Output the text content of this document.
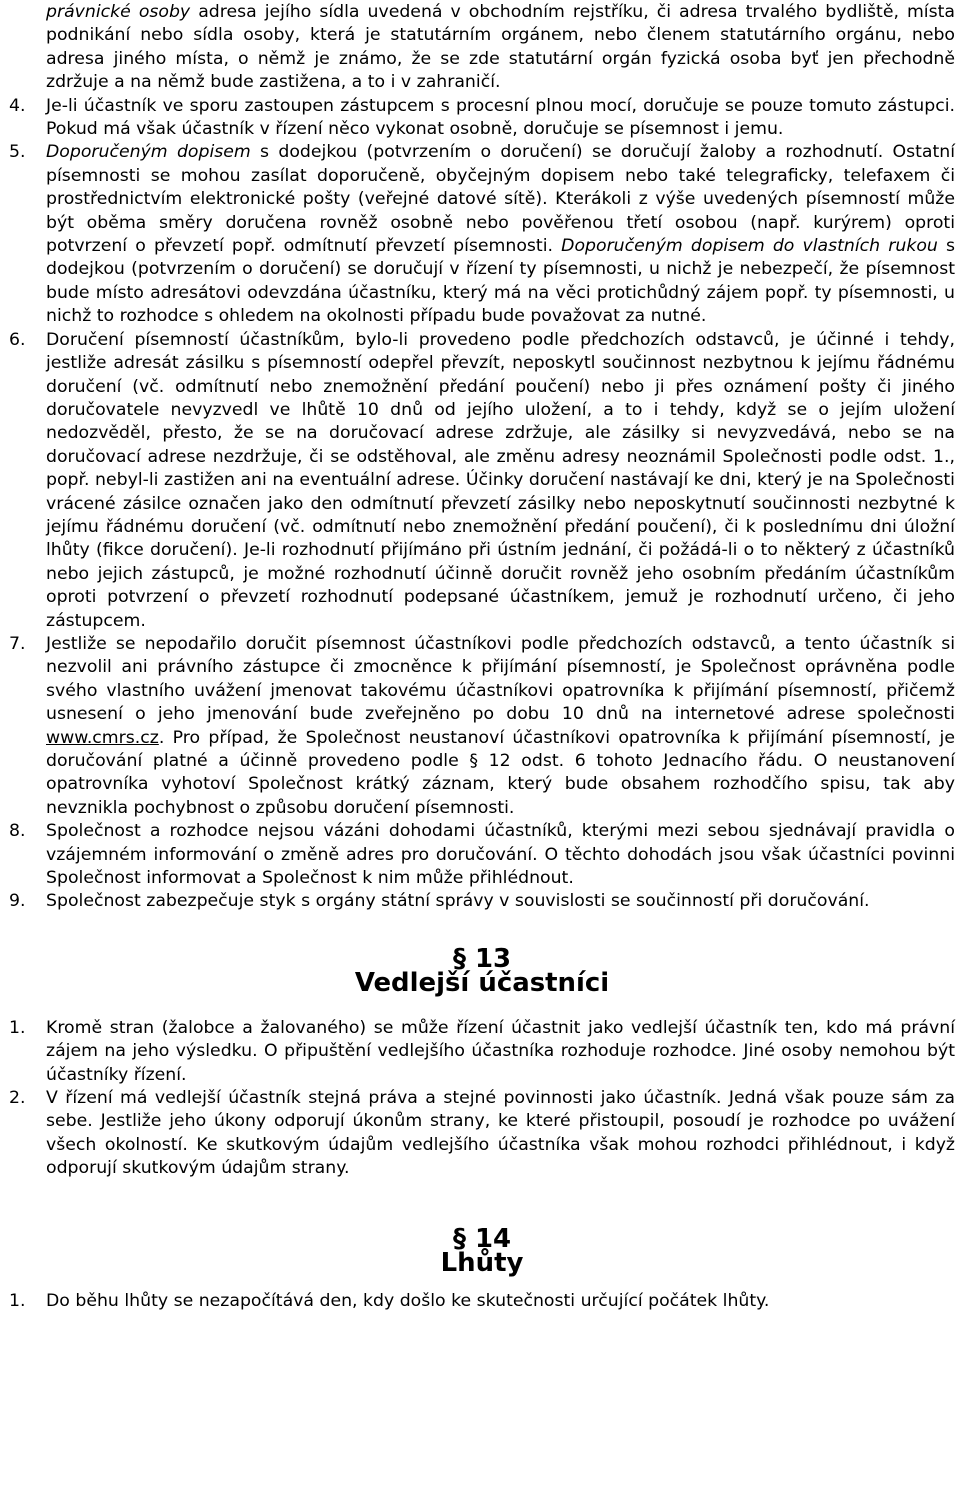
právnické osoby adresa jejího sídla uvedená v obchodním rejstříku, či adresa trvalého bydliště, místa podnikání nebo sídla osoby, která je statutárním orgánem, nebo členem statutárního orgánu, nebo adresa jiného místa, o němž je známo, že se zde statutární orgán fyzická osoba byť jen přechodně zdržuje a na němž bude zastižena, a to i v zahraničí.
4. Je-li účastník ve sporu zastoupen zástupcem s procesní plnou mocí, doručuje se pouze tomuto zástupci. Pokud má však účastník v řízení něco vykonat osobně, doručuje se písemnost i jemu.
5. Doporučeným dopisem s dodejkou (potvrzením o doručení) se doručují žaloby a rozhodnutí. Ostatní písemnosti se mohou zasílat doporučeně, obyčejným dopisem nebo také telegraficky, telefaxem či prostřednictvím elektronické pošty (veřejné datové sítě). Kterákoli z výše uvedených písemností může být oběma směry doručena rovněž osobně nebo pověřenou třetí osobou (např. kurýrem) oproti potvrzení o převzetí popř. odmítnutí převzetí písemnosti. Doporučeným dopisem do vlastních rukou s dodejkou (potvrzením o doručení) se doručují v řízení ty písemnosti, u nichž je nebezpečí, že písemnost bude místo adresátovi odevzdána účastníku, který má na věci protichůdný zájem popř. ty písemnosti, u nichž to rozhodce s ohledem na okolnosti případu bude považovat za nutné.
6. Doručení písemností účastníkům, bylo-li provedeno podle předchozích odstavců, je účinné i tehdy, jestliže adresát zásilku s písemností odepřel převzít, neposkytl součinnost nezbytnou k jejímu řádnému doručení (vč. odmítnutí nebo znemožnění předání poučení) nebo ji přes oznámení pošty či jiného doručovatele nevyzvedl ve lhůtě 10 dnů od jejího uložení, a to i tehdy, když se o jejím uložení nedozvěděl, přesto, že se na doručovací adrese zdržuje, ale zásilky si nevyzvedává, nebo se na doručovací adrese nezdržuje, či se odstěhoval, ale změnu adresy neoznámil Společnosti podle odst. 1., popř. nebyl-li zastižen ani na eventuální adrese. Účinky doručení nastávají ke dni, který je na Společnosti vrácené zásilce označen jako den odmítnutí převzetí zásilky nebo neposkytnutí součinnosti nezbytné k jejímu řádnému doručení (vč. odmítnutí nebo znemožnění předání poučení), či k poslednímu dni úložní lhůty (fikce doručení). Je-li rozhodnutí přijímáno při ústním jednání, či požádá-li o to některý z účastníků nebo jejich zástupců, je možné rozhodnutí účinně doručit rovněž jeho osobním předáním účastníkům oproti potvrzení o převzetí rozhodnutí podepsané účastníkem, jemuž je rozhodnutí určeno, či jeho zástupcem.
7. Jestliže se nepodařilo doručit písemnost účastníkovi podle předchozích odstavců, a tento účastník si nezvolil ani právního zástupce či zmocněnce k přijímání písemností, je Společnost oprávněna podle svého vlastního uvážení jmenovat takovému účastníkovi opatrovníka k přijímání písemností, přičemž usnesení o jeho jmenování bude zveřejněno po dobu 10 dnů na internetové adrese společnosti www.cmrs.cz. Pro případ, že Společnost neustanoví účastníkovi opatrovníka k přijímání písemností, je doručování platné a účinně provedeno podle § 12 odst. 6 tohoto Jednacího řádu. O neustanovení opatrovníka vyhotoví Společnost krátký záznam, který bude obsahem rozhodčího spisu, tak aby nevznikla pochybnost o způsobu doručení písemnosti.
8. Společnost a rozhodce nejsou vázáni dohodami účastníků, kterými mezi sebou sjednávají pravidla o vzájemném informování o změně adres pro doručování. O těchto dohodách jsou však účastníci povinni Společnost informovat a Společnost k nim může přihlédnout.
9. Společnost zabezpečuje styk s orgány státní správy v souvislosti se součinností při doručování.
§ 13
Vedlejší účastníci
1. Kromě stran (žalobce a žalovaného) se může řízení účastnit jako vedlejší účastník ten, kdo má právní zájem na jeho výsledku. O připuštění vedlejšího účastníka rozhoduje rozhodce. Jiné osoby nemohou být účastníky řízení.
2. V řízení má vedlejší účastník stejná práva a stejné povinnosti jako účastník. Jedná však pouze sám za sebe. Jestliže jeho úkony odporují úkonům strany, ke které přistoupil, posoudí je rozhodce po uvážení všech okolností. Ke skutkovým údajům vedlejšího účastníka však mohou rozhodci přihlédnout, i když odporují skutkovým údajům strany.
§ 14
Lhůty
1. Do běhu lhůty se nezapočítává den, kdy došlo ke skutečnosti určující počátek lhůty.
